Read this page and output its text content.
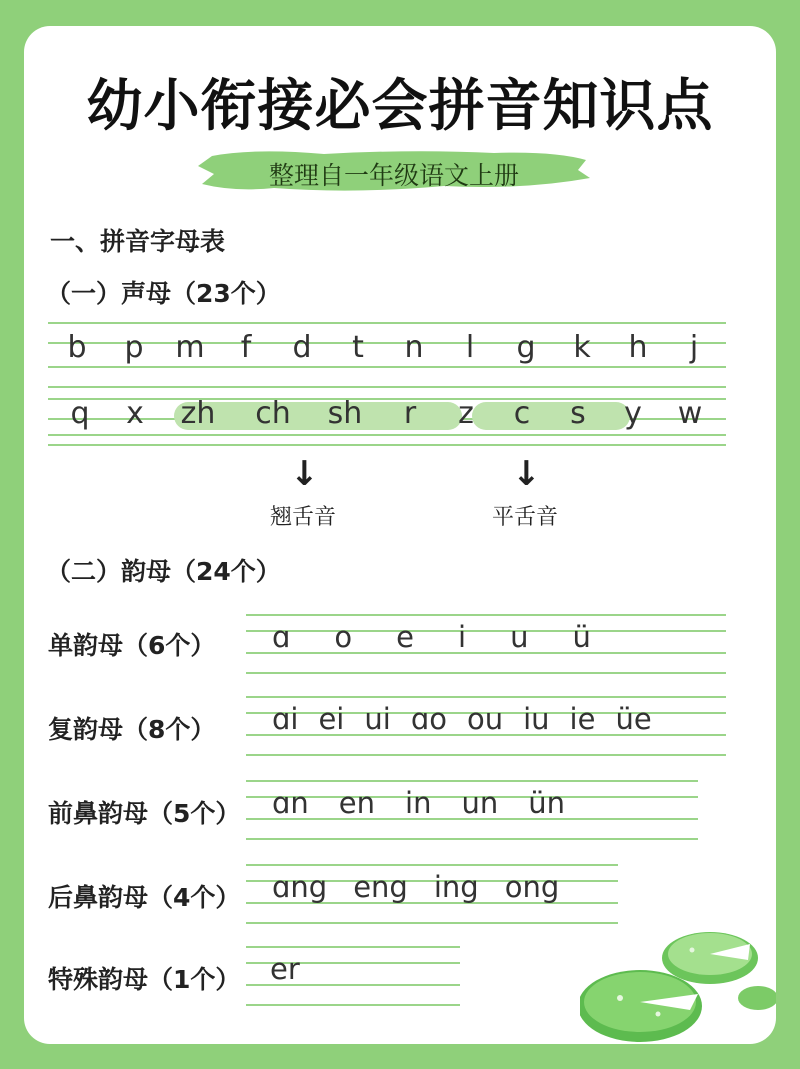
幼小衔接必会拼音知识点
整理自一年级语文上册
一、拼音字母表
（一）声母（23个）
b	p	m	f	d	t	n	l	g	k	h	j
q	x	zh	ch	sh	r	z	c	s	y	w
↓
翘舌音
↓
平舌音
（二）韵母（24个）
单韵母（6个） ɑ o e i u ü
复韵母（8个） ɑi ei ui ɑo ou iu ie üe
前鼻韵母（5个） ɑn en in un ün
后鼻韵母（4个） ɑng eng ing ong
特殊韵母（1个） er
